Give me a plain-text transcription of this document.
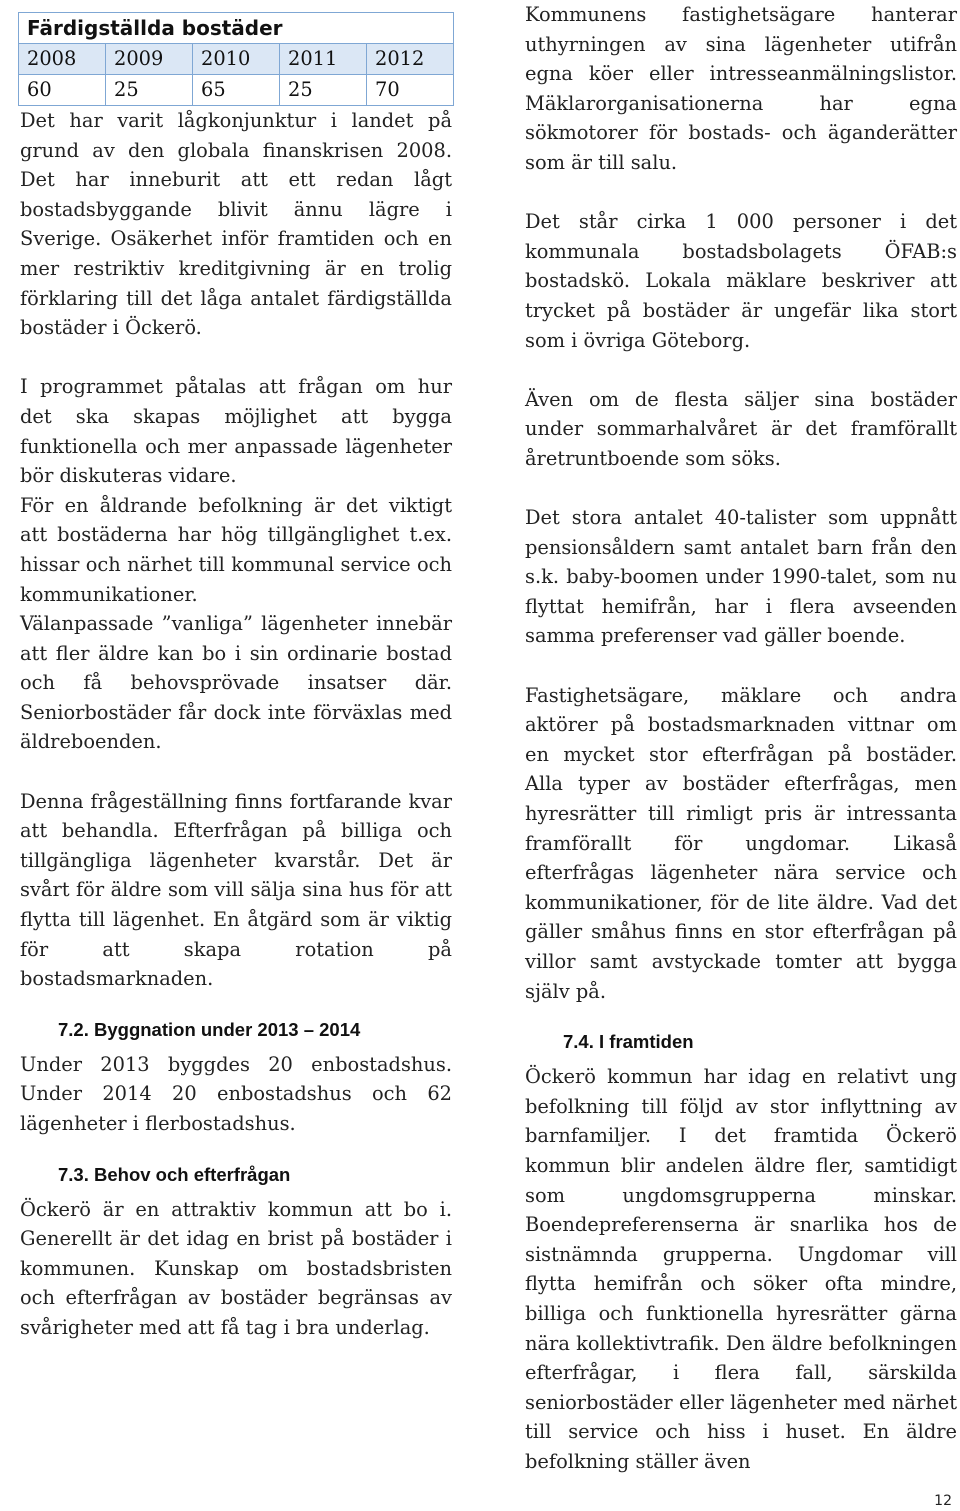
Färdigställda bostäder				
2008	2009	2010	2011	2012
60	25	65	25	70

Det har varit lågkonjunktur i landet på grund av den globala finanskrisen 2008. Det har inneburit att ett redan lågt bostadsbyggande blivit ännu lägre i Sverige. Osäkerhet inför framtiden och en mer restriktiv kreditgivning är en trolig förklaring till det låga antalet färdigställda bostäder i Öckerö.

I programmet påtalas att frågan om hur det ska skapas möjlighet att bygga funktionella och mer anpassade lägenheter bör diskuteras vidare.

För en åldrande befolkning är det viktigt att bostäderna har hög tillgänglighet t.ex. hissar och närhet till kommunal service och kommunikationer.

Välanpassade ”vanliga” lägenheter innebär att fler äldre kan bo i sin ordinarie bostad och få behovsprövade insatser där. Seniorbostäder får dock inte förväxlas med äldreboenden.

Denna frågeställning finns fortfarande kvar att behandla. Efterfrågan på billiga och tillgängliga lägenheter kvarstår. Det är svårt för äldre som vill sälja sina hus för att flytta till lägenhet. En åtgärd som är viktig för att skapa rotation på bostadsmarknaden.

7.2. Byggnation under 2013 – 2014

Under 2013 byggdes 20 enbostadshus. Under 2014 20 enbostadshus och 62 lägenheter i flerbostadshus.

7.3. Behov och efterfrågan

Öckerö är en attraktiv kommun att bo i. Generellt är det idag en brist på bostäder i kommunen. Kunskap om bostadsbristen och efterfrågan av bostäder begränsas av svårigheter med att få tag i bra underlag.

Kommunens fastighetsägare hanterar uthyrningen av sina lägenheter utifrån egna köer eller intresseanmälningslistor. Mäklarorganisationerna har egna sökmotorer för bostads- och äganderätter som är till salu.

Det står cirka 1 000 personer i det kommunala bostadsbolagets ÖFAB:s bostadskö. Lokala mäklare beskriver att trycket på bostäder är ungefär lika stort som i övriga Göteborg.

Även om de flesta säljer sina bostäder under sommarhalvåret är det framförallt åretruntboende som söks.

Det stora antalet 40-talister som uppnått pensionsåldern samt antalet barn från den s.k. baby-boomen under 1990-talet, som nu flyttat hemifrån, har i flera avseenden samma preferenser vad gäller boende.

Fastighetsägare, mäklare och andra aktörer på bostadsmarknaden vittnar om en mycket stor efterfrågan på bostäder. Alla typer av bostäder efterfrågas, men hyresrätter till rimligt pris är intressanta framförallt för ungdomar. Likaså efterfrågas lägenheter nära service och kommunikationer, för de lite äldre. Vad det gäller småhus finns en stor efterfrågan på villor samt avstyckade tomter att bygga själv på.

7.4. I framtiden

Öckerö kommun har idag en relativt ung befolkning till följd av stor inflyttning av barnfamiljer. I det framtida Öckerö kommun blir andelen äldre fler, samtidigt som ungdomsgrupperna minskar. Boendepreferenserna är snarlika hos de sistnämnda grupperna. Ungdomar vill flytta hemifrån och söker ofta mindre, billiga och funktionella hyresrätter gärna nära kollektivtrafik. Den äldre befolkningen efterfrågar, i flera fall, särskilda seniorbostäder eller lägenheter med närhet till service och hiss i huset. En äldre befolkning ställer även

12
